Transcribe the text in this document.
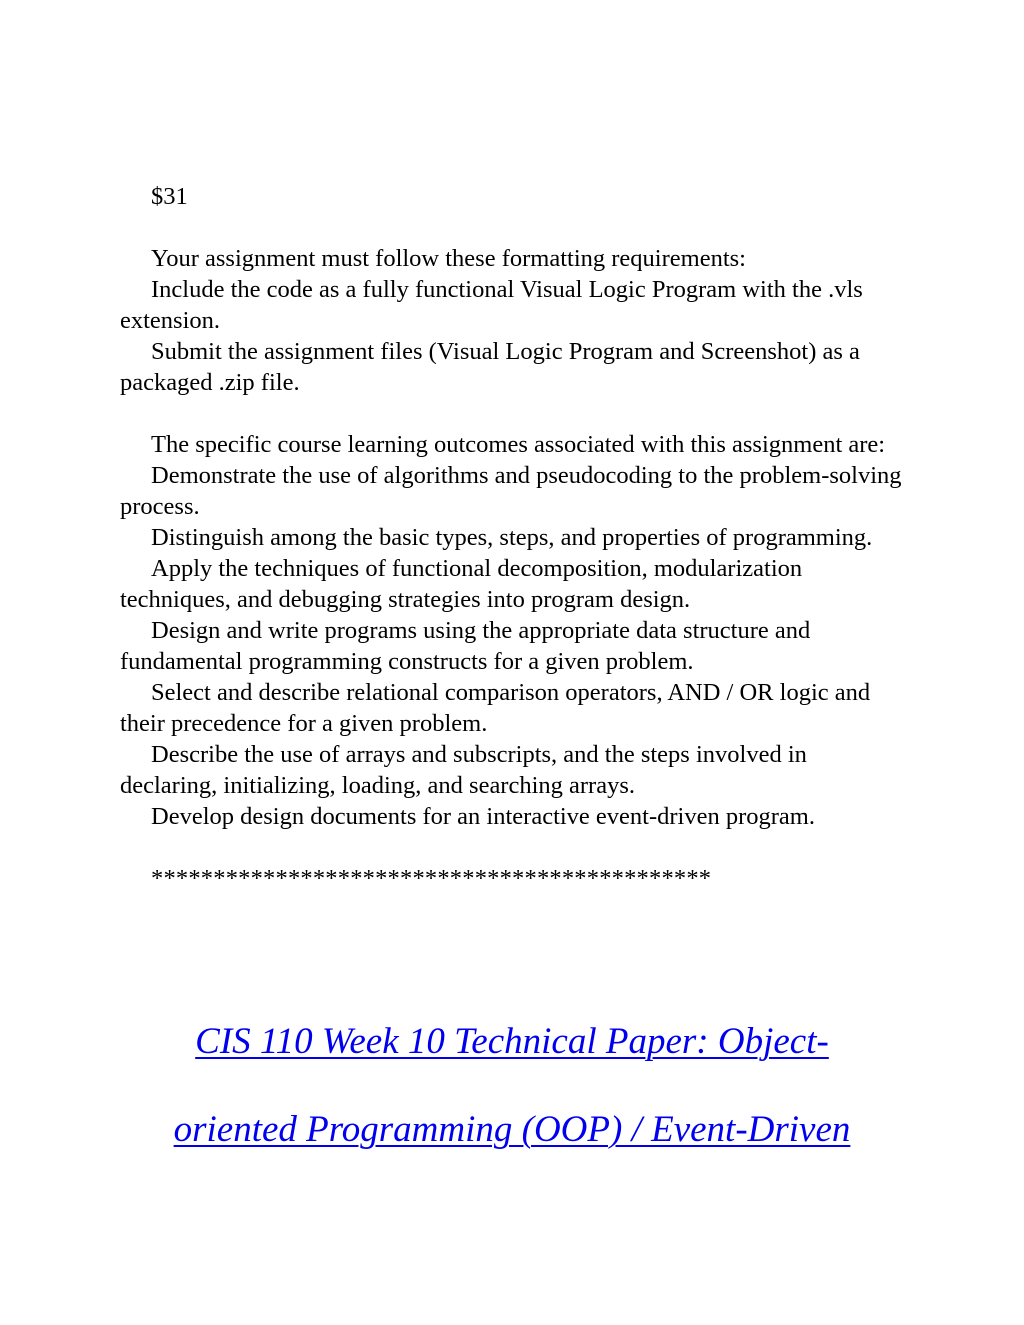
$31

Your assignment must follow these formatting requirements:

Include the code as a fully functional Visual Logic Program with the .vls extension.

Submit the assignment files (Visual Logic Program and Screenshot) as a packaged .zip file.

The specific course learning outcomes associated with this assignment are:

Demonstrate the use of algorithms and pseudocoding to the problem-solving process.

Distinguish among the basic types, steps, and properties of programming.

Apply the techniques of functional decomposition, modularization techniques, and debugging strategies into program design.

Design and write programs using the appropriate data structure and fundamental programming constructs for a given problem.

Select and describe relational comparison operators, AND / OR logic and their precedence for a given problem.

Describe the use of arrays and subscripts, and the steps involved in declaring, initializing, loading, and searching arrays.

Develop design documents for an interactive event-driven program.

*********************************************

CIS 110 Week 10 Technical Paper: Object-

oriented Programming (OOP) / Event-Driven
